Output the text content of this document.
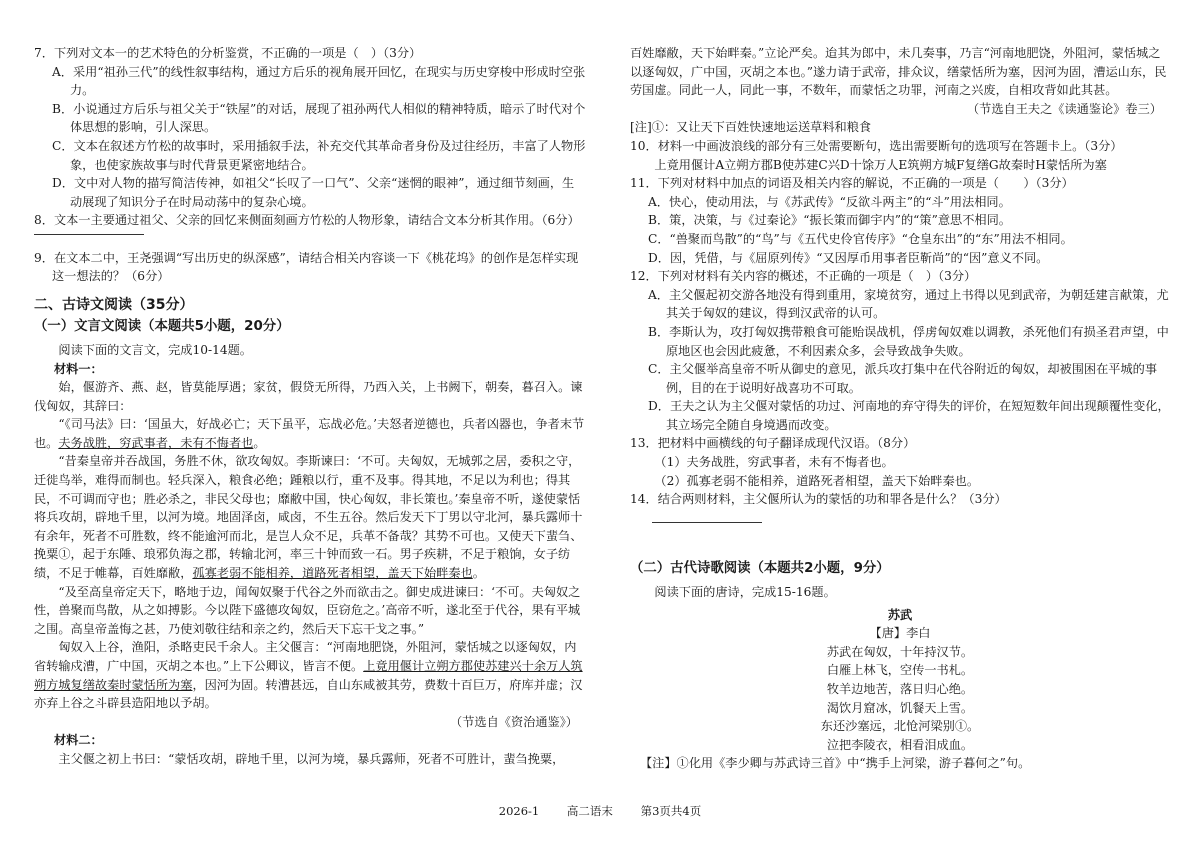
7．下列对文本一的艺术特色的分析鉴赏，不正确的一项是（　）（3分）

A．采用“祖孙三代”的线性叙事结构，通过方后乐的视角展开回忆，在现实与历史穿梭中形成时空张力。

B．小说通过方后乐与祖父关于“铁屋”的对话，展现了祖孙两代人相似的精神特质，暗示了时代对个体思想的影响，引人深思。

C．文本在叙述方竹松的故事时，采用插叙手法，补充交代其革命者身份及过往经历，丰富了人物形象，也使家族故事与时代背景更紧密地结合。

D．文中对人物的描写简洁传神，如祖父“长叹了一口气”、父亲“迷惘的眼神”，通过细节刻画，生动展现了知识分子在时局动荡中的复杂心境。

8．文本一主要通过祖父、父亲的回忆来侧面刻画方竹松的人物形象，请结合文本分析其作用。（6分）

9．在文本二中，王尧强调“写出历史的纵深感”，请结合相关内容谈一下《桃花坞》的创作是怎样实现这一想法的？（6分）

二、古诗文阅读（35分）

（一）文言文阅读（本题共5小题，20分）

阅读下面的文言文，完成10-14题。

材料一：

始，偃游齐、燕、赵，皆莫能厚遇；家贫，假贷无所得，乃西入关，上书阙下，朝奏，暮召入。谏伐匈奴，其辞曰：

“《司马法》曰：‘国虽大，好战必亡；天下虽平，忘战必危。’夫怒者逆德也，兵者凶器也，争者末节也。夫务战胜，穷武事者，未有不悔者也。

“昔秦皇帝并吞战国，务胜不休，欲攻匈奴。李斯谏曰：‘不可。夫匈奴，无城郭之居，委积之守，迁徙鸟举，难得而制也。轻兵深入，粮食必绝；踵粮以行，重不及事。得其地，不足以为利也；得其民，不可调而守也；胜必杀之，非民父母也；靡敝中国，快心匈奴，非长策也。’秦皇帝不听，遂使蒙恬将兵攻胡，辟地千里，以河为境。地固泽卤，咸卤，不生五谷。然后发天下丁男以守北河，暴兵露师十有余年，死者不可胜数，终不能逾河而北，是岂人众不足，兵革不备哉？其势不可也。又使天下蜚刍、挽粟①，起于东陲、琅邪负海之郡，转输北河，率三十钟而致一石。男子疾耕，不足于粮饷，女子纺绩，不足于帷幕，百姓靡敝，孤寡老弱不能相养，道路死者相望，盖天下始畔秦也。

“及至高皇帝定天下，略地于边，闻匈奴聚于代谷之外而欲击之。御史成进谏曰：‘不可。夫匈奴之性，兽聚而鸟散，从之如搏影。今以陛下盛德攻匈奴，臣窃危之。’高帝不听，遂北至于代谷，果有平城之围。高皇帝盖悔之甚，乃使刘敬往结和亲之约，然后天下忘干戈之事。”

匈奴入上谷，渔阳，杀略吏民千余人。主父偃言：“河南地肥饶，外阻河，蒙恬城之以逐匈奴，内省转输戍漕，广中国，灭胡之本也。”上下公卿议，皆言不便。上竟用偃计立朔方郡使苏建兴十余万人筑朔方城复缮故秦时蒙恬所为塞，因河为固。转漕甚远，自山东咸被其劳，费数十百巨万，府库并虚；汉亦弃上谷之斗辟县造阳地以予胡。

（节选自《资治通鉴》）

材料二：

主父偃之初上书曰：“蒙恬攻胡，辟地千里，以河为境，暴兵露师，死者不可胜计，蜚刍挽粟，

百姓靡敝，天下始畔秦。”立论严矣。迨其为郎中，未几奏事，乃言“河南地肥饶，外阻河，蒙恬城之以逐匈奴，广中国，灭胡之本也。”遂力请于武帝，排众议，缮蒙恬所为塞，因河为固，漕运山东，民劳国虚。同此一人，同此一事，不数年，而蒙恬之功罪，河南之兴废，自相攻背如此其甚。

（节选自王夫之《读通鉴论》卷三）

[注]①：又让天下百姓快速地运送草料和粮食

10．材料一中画波浪线的部分有三处需要断句，选出需要断句的选项写在答题卡上。（3分）

上竟用偃计A立朔方郡B使苏建C兴D十馀万人E筑朔方城F复缮G故秦时H蒙恬所为塞

11．下列对材料中加点的词语及相关内容的解说，不正确的一项是（　　）（3分）

A．快心，使动用法，与《苏武传》“反欲斗两主”的“斗”用法相同。

B．策，决策，与《过秦论》“振长策而御宇内”的“策”意思不相同。

C．“兽聚而鸟散”的“鸟”与《五代史伶官传序》“仓皇东出”的“东”用法不相同。

D．因，凭借，与《屈原列传》“又因厚币用事者臣靳尚”的“因”意义不同。

12．下列对材料有关内容的概述，不正确的一项是（　）（3分）

A．主父偃起初交游各地没有得到重用，家境贫穷，通过上书得以见到武帝，为朝廷建言献策，尤其关于匈奴的建议，得到汉武帝的认可。

B．李斯认为，攻打匈奴携带粮食可能贻误战机，俘虏匈奴难以调教，杀死他们有损圣君声望，中原地区也会因此疲惫，不利因素众多，会导致战争失败。

C．主父偃举高皇帝不听从御史的意见，派兵攻打集中在代谷附近的匈奴，却被围困在平城的事例，目的在于说明好战喜功不可取。

D．王夫之认为主父偃对蒙恬的功过、河南地的弃守得失的评价，在短短数年间出现颠覆性变化，其立场完全随自身境遇而改变。

13．把材料中画横线的句子翻译成现代汉语。（8分）

（1）夫务战胜，穷武事者，未有不悔者也。

（2）孤寡老弱不能相养，道路死者相望，盖天下始畔秦也。

14．结合两则材料，主父偃所认为的蒙恬的功和罪各是什么？（3分）

（二）古代诗歌阅读（本题共2小题，9分）

阅读下面的唐诗，完成15-16题。

苏武

【唐】李白

苏武在匈奴，十年持汉节。

白雁上林飞，空传一书札。

牧羊边地苦，落日归心绝。

渴饮月窟冰，饥餐天上雪。

东还沙塞远，北怆河梁别①。

泣把李陵衣，相看泪成血。

【注】①化用《李少卿与苏武诗三首》中“携手上河梁，游子暮何之”句。

2026-1 高二语末 第3页共4页
